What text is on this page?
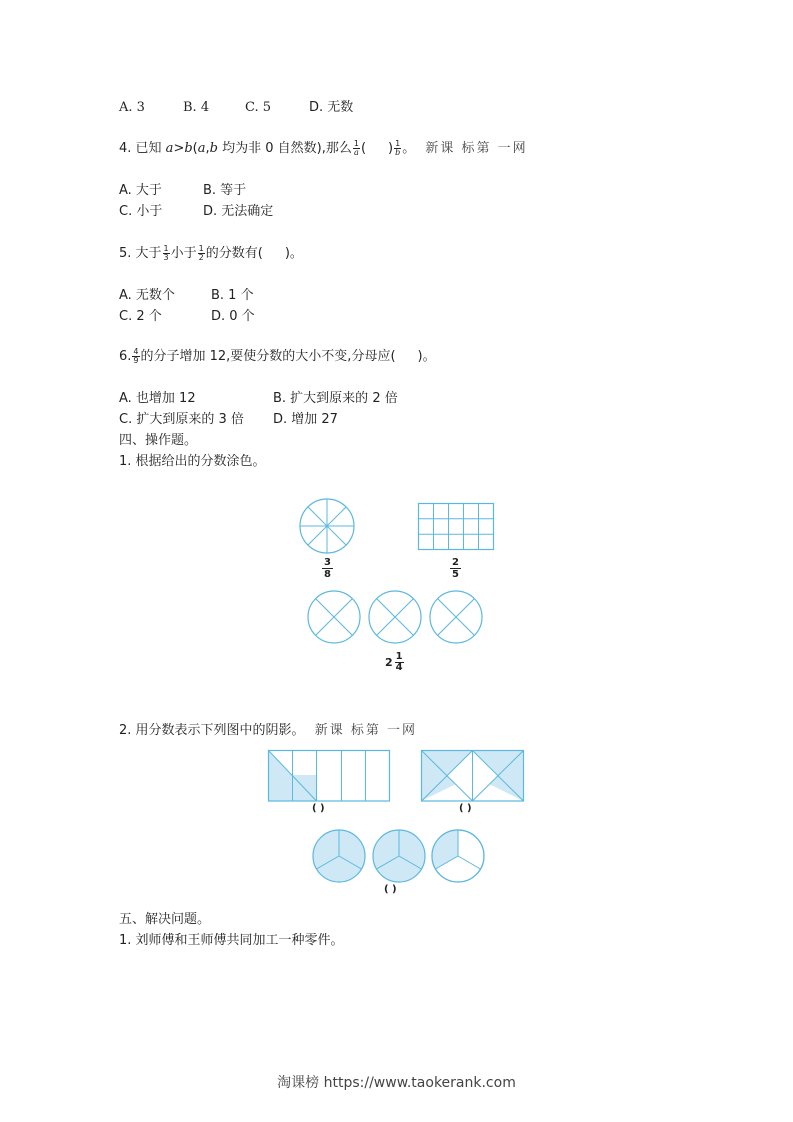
A. 3	B. 4	C. 5	D. 无数
4. 已知 a>b(a,b 均为非 0 自然数),那么 $\frac{1}{a}$ ( ) $\frac{1}{b}$ 。 新课 标第 一网
A. 大于	B. 等于
C. 小于	D. 无法确定
5. 大于 $\frac{1}{3}$ 小于 $\frac{1}{2}$ 的分数有( )。
A. 无数个	B. 1 个
C. 2 个	D. 0 个
6. $\frac{4}{9}$ 的分子增加 12,要使分数的大小不变,分母应( )。
A. 也增加 12	B. 扩大到原来的 2 倍
C. 扩大到原来的 3 倍 D. 增加 27
四、操作题。
1. 根据给出的分数涂色。
$\frac{3}{8}$	$\frac{2}{5}$
$2 \frac{1}{4}$
2. 用分数表示下列图中的阴影。 新课 标第 一网
( )	( )
( )
五、解决问题。
1. 刘师傅和王师傅共同加工一种零件。
淘课榜 https://www.taokerank.com
